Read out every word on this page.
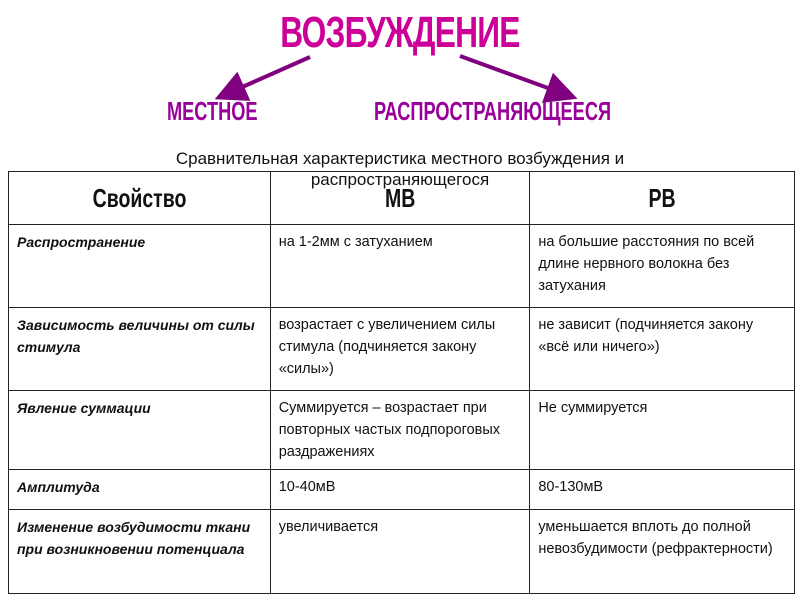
ВОЗБУЖДЕНИЕ
МЕСТНОЕ	РАСПРОСТРАНЯЮЩЕЕСЯ
Сравнительная характеристика местного возбуждения и
Свойство	МВ	РВ
Распространение	на 1-2мм с затуханием	на большие расстояния по всей длине нервного волокна без затухания
Зависимость величины от силы стимула	возрастает с увеличением силы стимула (подчиняется закону «силы»)	не зависит (подчиняется закону «всё или ничего»)
Явление суммации	Суммируется – возрастает при повторных частых подпороговых раздражениях	Не суммируется
Амплитуда	10-40мВ	80-130мВ
Изменение возбудимости ткани при возникновении потенциала	увеличивается	уменьшается вплоть до полной невозбудимости (рефрактерности)
распространяющегося
